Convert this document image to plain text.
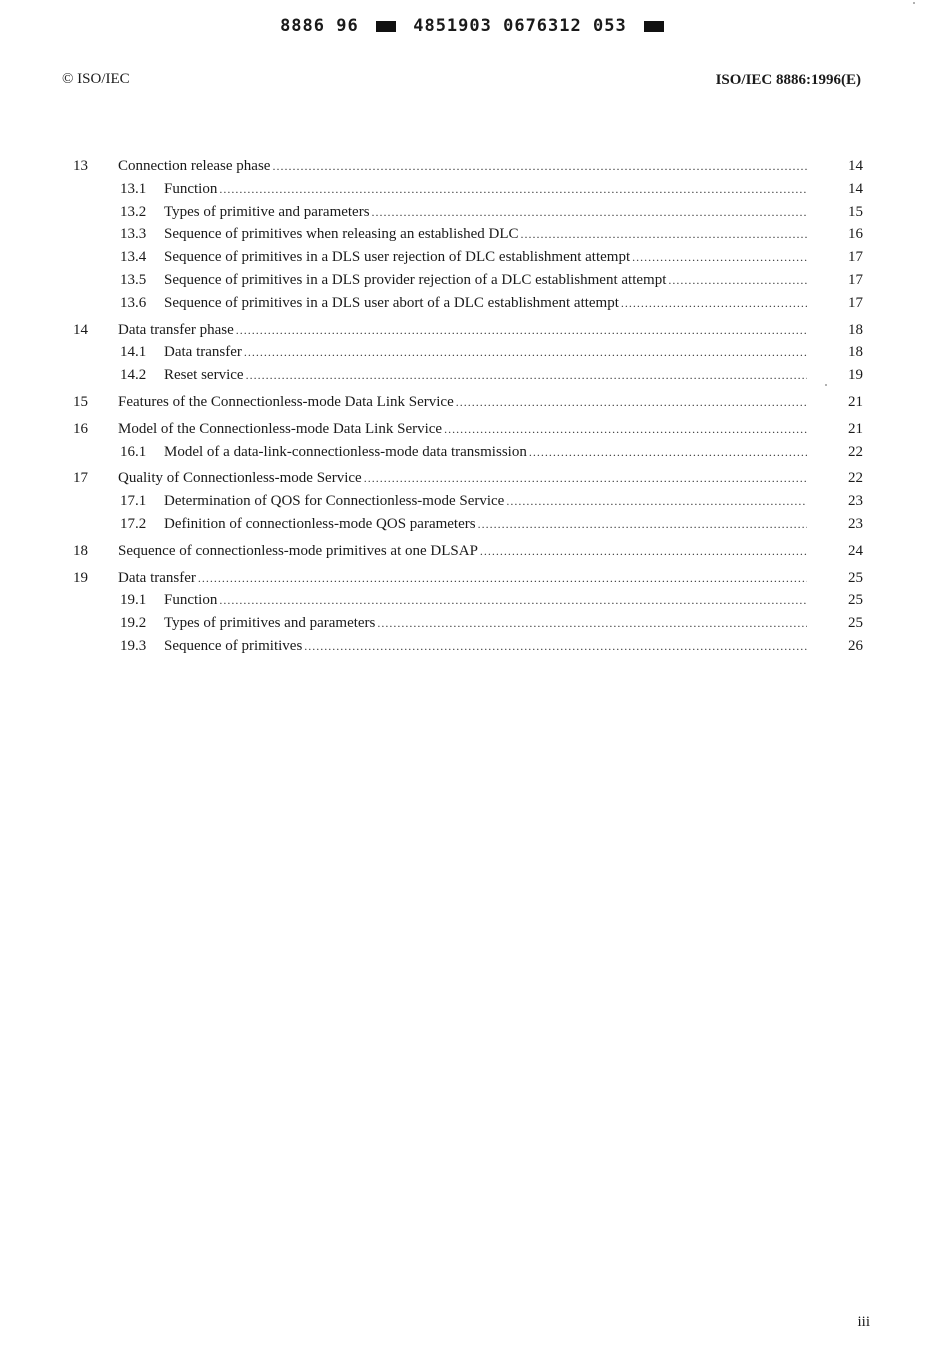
8886 96	4851903 0676312 053
© ISO/IEC	ISO/IEC 8886:1996(E)
13 Connection release phase .....	14
13.1 Function .....	14
13.2 Types of primitive and parameters .....	15
13.3 Sequence of primitives when releasing an established DLC .....	16
13.4 Sequence of primitives in a DLS user rejection of DLC establishment attempt .....	17
13.5 Sequence of primitives in a DLS provider rejection of a DLC establishment attempt .....	17
13.6 Sequence of primitives in a DLS user abort of a DLC establishment attempt .....	17
14 Data transfer phase .....	18
14.1 Data transfer .....	18
14.2 Reset service .....	19
15 Features of the Connectionless-mode Data Link Service .....	21
16 Model of the Connectionless-mode Data Link Service .....	21
16.1 Model of a data-link-connectionless-mode data transmission .....	22
17 Quality of Connectionless-mode Service .....	22
17.1 Determination of QOS for Connectionless-mode Service .....	23
17.2 Definition of connectionless-mode QOS parameters .....	23
18 Sequence of connectionless-mode primitives at one DLSAP .....	24
19 Data transfer .....	25
19.1 Function .....	25
19.2 Types of primitives and parameters .....	25
19.3 Sequence of primitives .....	26
iii
